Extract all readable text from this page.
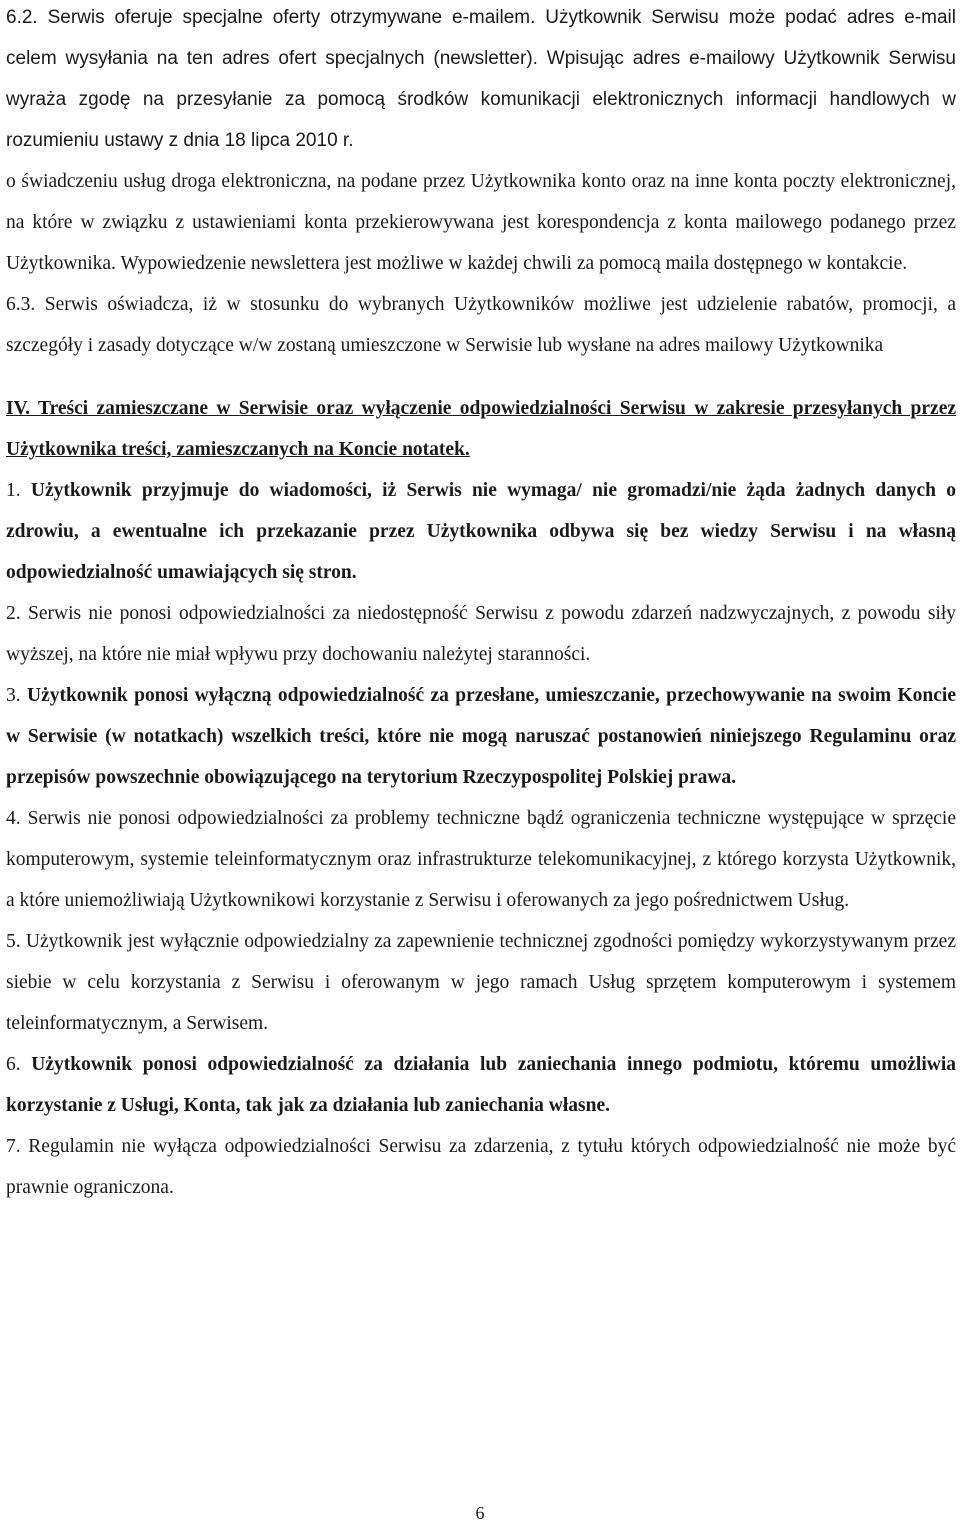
6.2. Serwis oferuje specjalne oferty otrzymywane e-mailem. Użytkownik Serwisu może podać adres e-mail celem wysyłania na ten adres ofert specjalnych (newsletter). Wpisując adres e-mailowy Użytkownik Serwisu wyraża zgodę na przesyłanie za pomocą środków komunikacji elektronicznych informacji handlowych w rozumieniu ustawy z dnia 18 lipca 2010 r.

o świadczeniu usług droga elektroniczna, na podane przez Użytkownika konto oraz na inne konta poczty elektronicznej, na które w związku z ustawieniami konta przekierowywana jest korespondencja z konta mailowego podanego przez Użytkownika. Wypowiedzenie newslettera jest możliwe w każdej chwili za pomocą maila dostępnego w kontakcie.

6.3. Serwis oświadcza, iż w stosunku do wybranych Użytkowników możliwe jest udzielenie rabatów, promocji, a szczegóły i zasady dotyczące w/w zostaną umieszczone w Serwisie lub wysłane na adres mailowy Użytkownika

IV. Treści zamieszczane w Serwisie oraz wyłączenie odpowiedzialności Serwisu w zakresie przesyłanych przez Użytkownika treści, zamieszczanych na Koncie notatek.

1. Użytkownik przyjmuje do wiadomości, iż Serwis nie wymaga/ nie gromadzi/nie żąda żadnych danych o zdrowiu, a ewentualne ich przekazanie przez Użytkownika odbywa się bez wiedzy Serwisu i na własną odpowiedzialność umawiających się stron.

2. Serwis nie ponosi odpowiedzialności za niedostępność Serwisu z powodu zdarzeń nadzwyczajnych, z powodu siły wyższej, na które nie miał wpływu przy dochowaniu należytej staranności.

3. Użytkownik ponosi wyłączną odpowiedzialność za przesłane, umieszczanie, przechowywanie na swoim Koncie w Serwisie (w notatkach) wszelkich treści, które nie mogą naruszać postanowień niniejszego Regulaminu oraz przepisów powszechnie obowiązującego na terytorium Rzeczypospolitej Polskiej prawa.

4. Serwis nie ponosi odpowiedzialności za problemy techniczne bądź ograniczenia techniczne występujące w sprzęcie komputerowym, systemie teleinformatycznym oraz infrastrukturze telekomunikacyjnej, z którego korzysta Użytkownik, a które uniemożliwiają Użytkownikowi korzystanie z Serwisu i oferowanych za jego pośrednictwem Usług.

5. Użytkownik jest wyłącznie odpowiedzialny za zapewnienie technicznej zgodności pomiędzy wykorzystywanym przez siebie w celu korzystania z Serwisu i oferowanym w jego ramach Usług sprzętem komputerowym i systemem teleinformatycznym, a Serwisem.

6. Użytkownik ponosi odpowiedzialność za działania lub zaniechania innego podmiotu, któremu umożliwia korzystanie z Usługi, Konta, tak jak za działania lub zaniechania własne.

7. Regulamin nie wyłącza odpowiedzialności Serwisu za zdarzenia, z tytułu których odpowiedzialność nie może być prawnie ograniczona.

6
